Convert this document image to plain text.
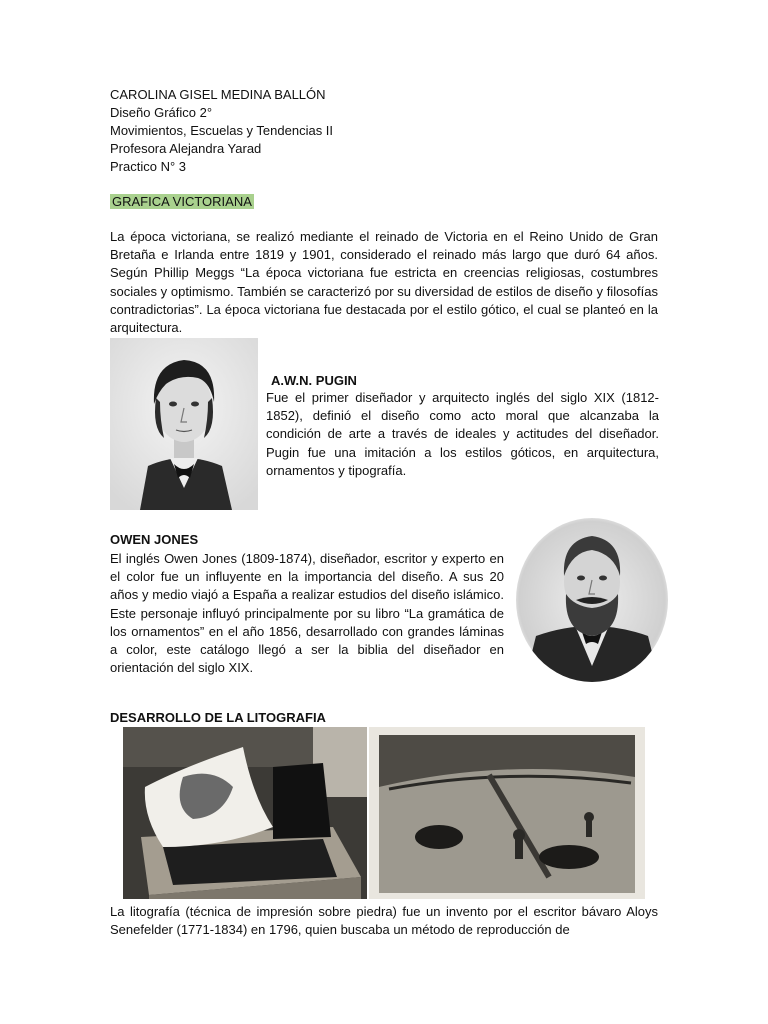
CAROLINA GISEL MEDINA BALLÓN
Diseño Gráfico 2°
Movimientos, Escuelas y Tendencias II
Profesora Alejandra Yarad
Practico N° 3
GRAFICA VICTORIANA
La época victoriana, se realizó mediante el reinado de Victoria en el Reino Unido de Gran Bretaña e Irlanda entre 1819 y 1901, considerado el reinado más largo que duró 64 años. Según Phillip Meggs “La época victoriana fue estricta en creencias religiosas, costumbres sociales y optimismo. También se caracterizó por su diversidad de estilos de diseño y filosofías contradictorias”. La época victoriana fue destacada por el estilo gótico, el cual se planteó en la arquitectura.
A.W.N. PUGIN
Fue el primer diseñador y arquitecto inglés del siglo XIX (1812-1852), definió el diseño como acto moral que alcanzaba la condición de arte a través de ideales y actitudes del diseñador. Pugin fue una imitación a los estilos góticos, en arquitectura, ornamentos y tipografía.
OWEN JONES
El inglés Owen Jones (1809-1874), diseñador, escritor y experto en el color fue un influyente en la importancia del diseño. A sus 20 años y medio viajó a España a realizar estudios del diseño islámico. Este personaje influyó principalmente por su libro “La gramática de los ornamentos” en el año 1856, desarrollado con grandes láminas a color, este catálogo llegó a ser la biblia del diseñador en orientación del siglo XIX.
DESARROLLO DE LA LITOGRAFIA
La litografía (técnica de impresión sobre piedra) fue un invento por el escritor bávaro Aloys Senefelder (1771-1834) en 1796, quien buscaba un método de reproducción de
